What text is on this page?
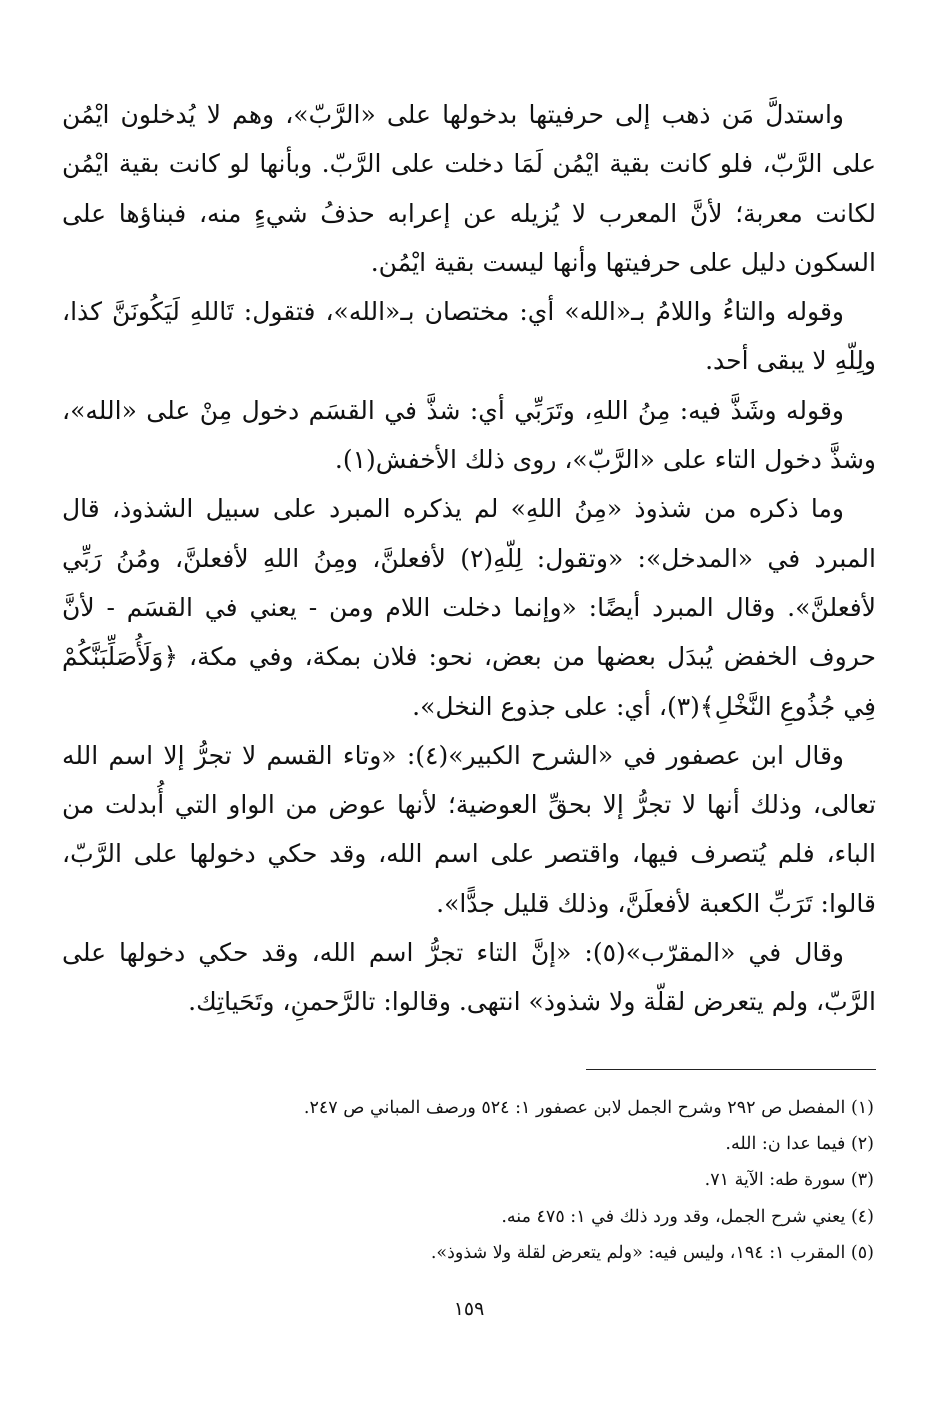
واستدلَّ مَن ذهب إلى حرفيتها بدخولها على «الرَّبّ»، وهم لا يُدخلون ايْمُن على الرَّبّ، فلو كانت بقية ايْمُن لَمَا دخلت على الرَّبّ. وبأنها لو كانت بقية ايْمُن لكانت معربة؛ لأنَّ المعرب لا يُزيله عن إعرابه حذفُ شيءٍ منه، فبناؤها على السكون دليل على حرفيتها وأنها ليست بقية ايْمُن.

وقوله والتاءُ واللامُ بـ«الله» أي: مختصان بـ«الله»، فتقول: تَاللهِ لَيَكُونَنَّ كذا، ولِلّهِ لا يبقى أحد.

وقوله وشَذَّ فيه: مِنُ اللهِ، وتَرَبِّي أي: شذَّ في القسَم دخول مِنْ على «الله»، وشذَّ دخول التاء على «الرَّبّ»، روى ذلك الأخفش(١).

وما ذكره من شذوذ «مِنُ اللهِ» لم يذكره المبرد على سبيل الشذوذ، قال المبرد في «المدخل»: «وتقول: لِلّهِ(٢) لأفعلنَّ، ومِنُ اللهِ لأفعلنَّ، ومُنُ رَبِّي لأفعلنَّ». وقال المبرد أيضًا: «وإنما دخلت اللام ومن - يعني في القسَم - لأنَّ حروف الخفض يُبدَل بعضها من بعض، نحو: فلان بمكة، وفي مكة، ﴿وَلَأُصَلِّبَنَّكُمْ فِي جُذُوعِ النَّخْلِ﴾(٣)، أي: على جذوع النخل».

وقال ابن عصفور في «الشرح الكبير»(٤): «وتاء القسم لا تجرُّ إلا اسم الله تعالى، وذلك أنها لا تجرُّ إلا بحقِّ العوضية؛ لأنها عوض من الواو التي أُبدلت من الباء، فلم يُتصرف فيها، واقتصر على اسم الله، وقد حكي دخولها على الرَّبّ، قالوا: تَرَبِّ الكعبة لأفعلَنَّ، وذلك قليل جدًّا».

وقال في «المقرّب»(٥): «إنَّ التاء تجرُّ اسم الله، وقد حكي دخولها على الرَّبّ، ولم يتعرض لقلّة ولا شذوذ» انتهى. وقالوا: تالرَّحمنِ، وتَحَياتِك.

(١) المفصل ص ٢٩٢ وشرح الجمل لابن عصفور ١: ٥٢٤ ورصف المباني ص ٢٤٧.
(٢) فيما عدا ن: الله.
(٣) سورة طه: الآية ٧١.
(٤) يعني شرح الجمل، وقد ورد ذلك في ١: ٤٧٥ منه.
(٥) المقرب ١: ١٩٤، وليس فيه: «ولم يتعرض لقلة ولا شذوذ».
١٥٩
